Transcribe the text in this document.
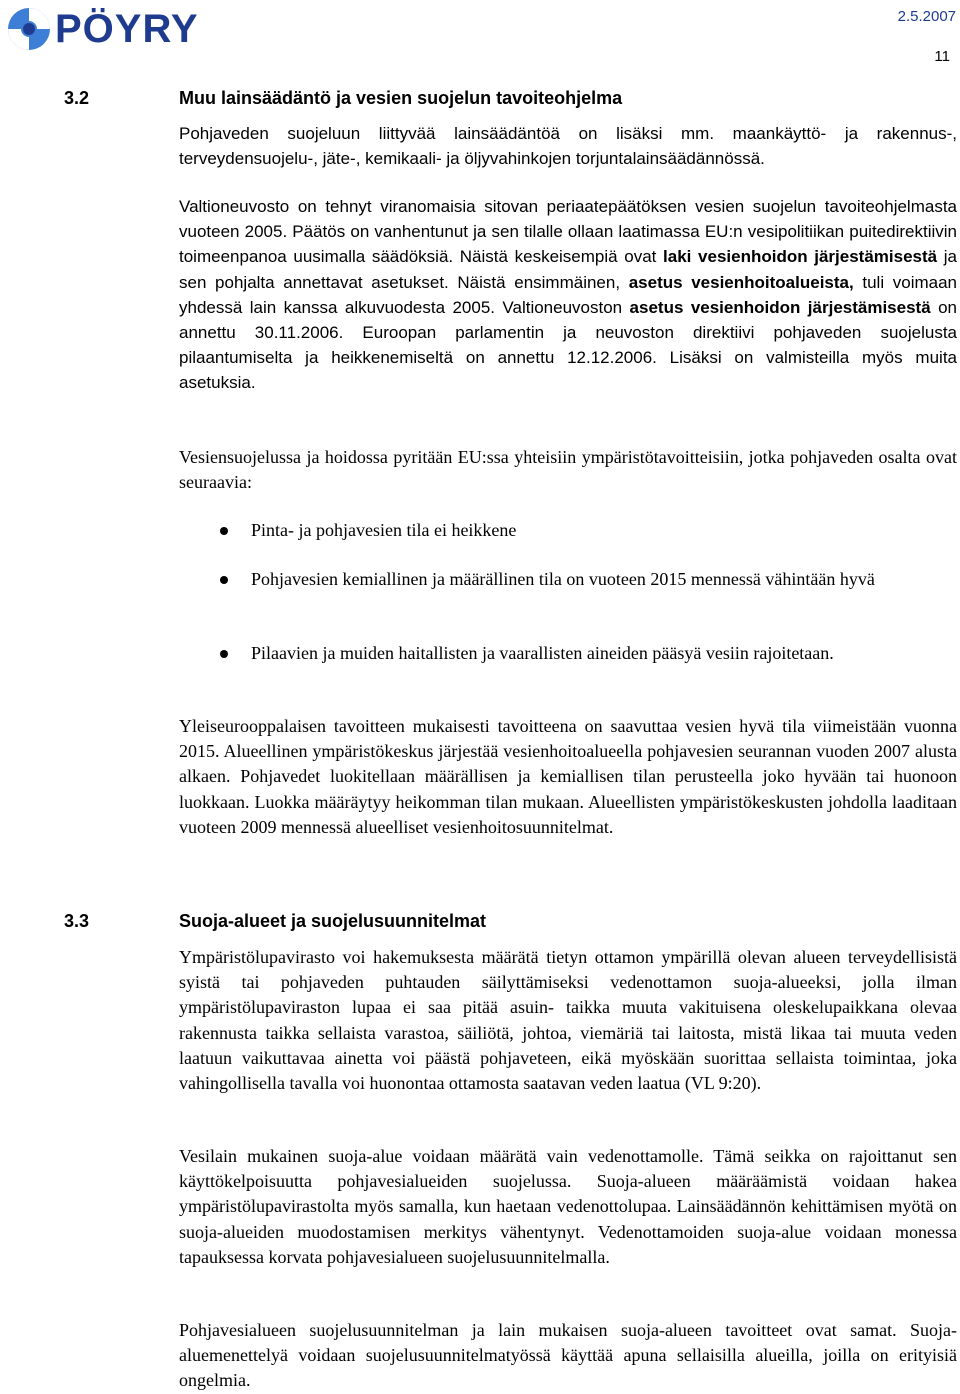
PÖYRY	2.5.2007
11
3.2	Muu lainsäädäntö ja vesien suojelun tavoiteohjelma

Pohjaveden suojeluun liittyvää lainsäädäntöä on lisäksi mm. maankäyttö- ja rakennus-, terveydensuojelu-, jäte-, kemikaali- ja öljyvahinkojen torjuntalainsäädännössä.

Valtioneuvosto on tehnyt viranomaisia sitovan periaatepäätöksen vesien suojelun tavoiteohjelmasta vuoteen 2005. Päätös on vanhentunut ja sen tilalle ollaan laatimassa EU:n vesipolitiikan puitedirektiivin toimeenpanoa uusimalla säädöksiä. Näistä keskeisempiä ovat laki vesienhoidon järjestämisestä ja sen pohjalta annettavat asetukset. Näistä ensimmäinen, asetus vesienhoitoalueista, tuli voimaan yhdessä lain kanssa alkuvuodesta 2005. Valtioneuvoston asetus vesienhoidon järjestämisestä on annettu 30.11.2006. Euroopan parlamentin ja neuvoston direktiivi pohjaveden suojelusta pilaantumiselta ja heikkenemiseltä on annettu 12.12.2006. Lisäksi on valmisteilla myös muita asetuksia.

Vesiensuojelussa ja hoidossa pyritään EU:ssa yhteisiin ympäristötavoitteisiin, jotka pohjaveden osalta ovat seuraavia:

Pinta- ja pohjavesien tila ei heikkene
Pohjavesien kemiallinen ja määrällinen tila on vuoteen 2015 mennessä vähintään hyvä
Pilaavien ja muiden haitallisten ja vaarallisten aineiden pääsyä vesiin rajoitetaan.

Yleiseurooppalaisen tavoitteen mukaisesti tavoitteena on saavuttaa vesien hyvä tila viimeistään vuonna 2015. Alueellinen ympäristökeskus järjestää vesienhoitoalueella pohjavesien seurannan vuoden 2007 alusta alkaen. Pohjavedet luokitellaan määrällisen ja kemiallisen tilan perusteella joko hyvään tai huonoon luokkaan. Luokka määräytyy heikomman tilan mukaan. Alueellisten ympäristökeskusten johdolla laaditaan vuoteen 2009 mennessä alueelliset vesienhoitosuunnitelmat.

3.3	Suoja-alueet ja suojelusuunnitelmat

Ympäristölupavirasto voi hakemuksesta määrätä tietyn ottamon ympärillä olevan alueen terveydellisistä syistä tai pohjaveden puhtauden säilyttämiseksi vedenottamon suoja-alueeksi, jolla ilman ympäristölupaviraston lupaa ei saa pitää asuin- taikka muuta vakituisena oleskelupaikkana olevaa rakennusta taikka sellaista varastoa, säiliötä, johtoa, viemäriä tai laitosta, mistä likaa tai muuta veden laatuun vaikuttavaa ainetta voi päästä pohjaveteen, eikä myöskään suorittaa sellaista toimintaa, joka vahingollisella tavalla voi huonontaa ottamosta saatavan veden laatua (VL 9:20).

Vesilain mukainen suoja-alue voidaan määrätä vain vedenottamolle. Tämä seikka on rajoittanut sen käyttökelpoisuutta pohjavesialueiden suojelussa. Suoja-alueen määräämistä voidaan hakea ympäristölupavirastolta myös samalla, kun haetaan vedenottolupaa. Lainsäädännön kehittämisen myötä on suoja-alueiden muodostamisen merkitys vähentynyt. Vedenottamoiden suoja-alue voidaan monessa tapauksessa korvata pohjavesialueen suojelusuunnitelmalla.

Pohjavesialueen suojelusuunnitelman ja lain mukaisen suoja-alueen tavoitteet ovat samat. Suoja-aluemenettelyä voidaan suojelusuunnitelmatyössä käyttää apuna sellaisilla alueilla, joilla on erityisiä ongelmia.
